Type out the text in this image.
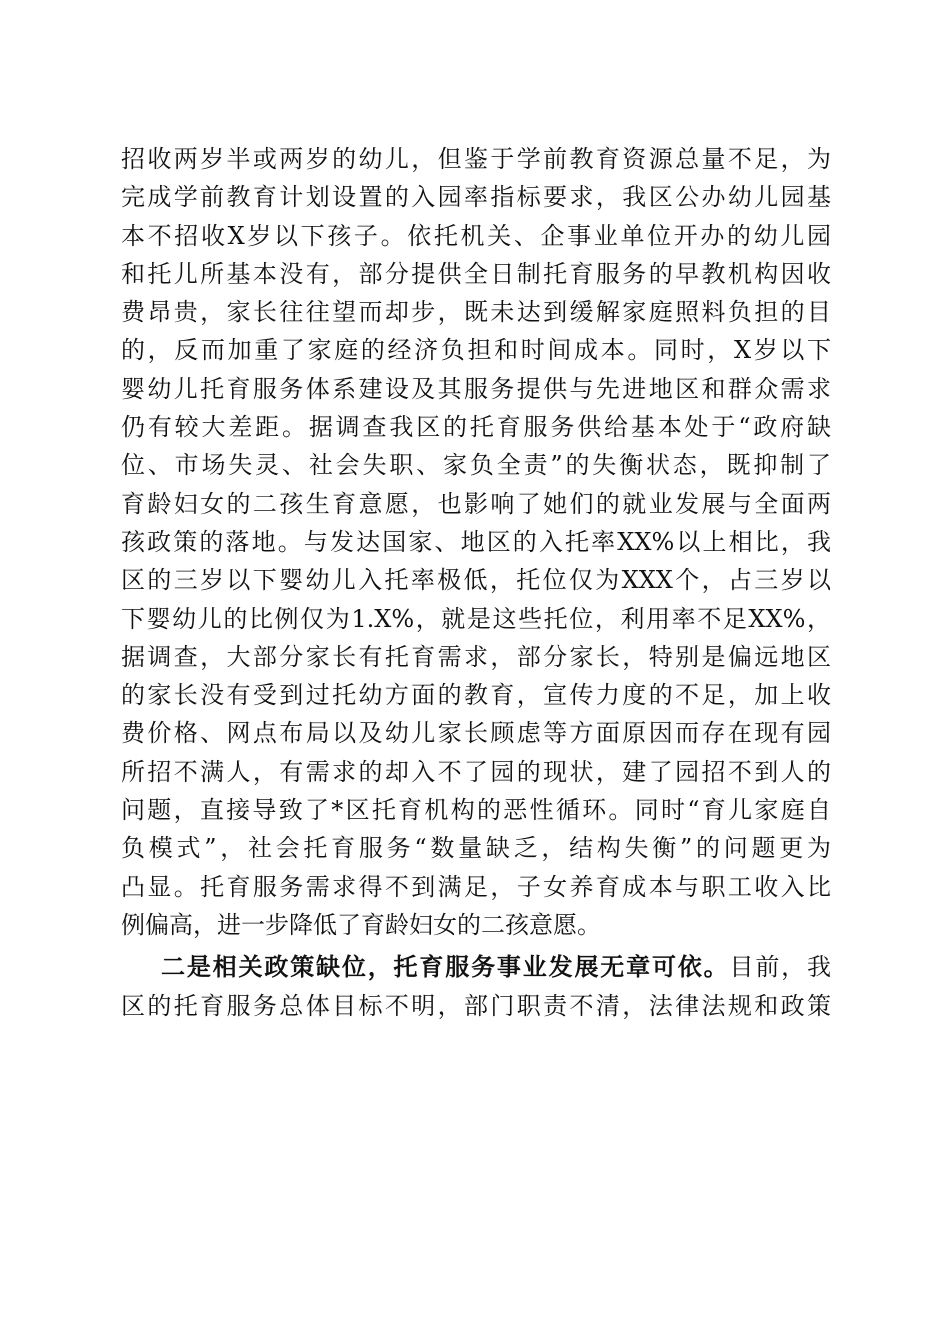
招收两岁半或两岁的幼儿，但鉴于学前教育资源总量不足，为
完成学前教育计划设置的入园率指标要求，我区公办幼儿园基
本不招收X岁以下孩子。依托机关、企事业单位开办的幼儿园
和托儿所基本没有，部分提供全日制托育服务的早教机构因收
费昂贵，家长往往望而却步，既未达到缓解家庭照料负担的目
的，反而加重了家庭的经济负担和时间成本。同时，X岁以下
婴幼儿托育服务体系建设及其服务提供与先进地区和群众需求
仍有较大差距。据调查我区的托育服务供给基本处于“政府缺
位、市场失灵、社会失职、家负全责”的失衡状态，既抑制了
育龄妇女的二孩生育意愿，也影响了她们的就业发展与全面两
孩政策的落地。与发达国家、地区的入托率XX%以上相比，我
区的三岁以下婴幼儿入托率极低，托位仅为XXX个，占三岁以
下婴幼儿的比例仅为1.X%，就是这些托位，利用率不足XX%，
据调查，大部分家长有托育需求，部分家长，特别是偏远地区
的家长没有受到过托幼方面的教育，宣传力度的不足，加上收
费价格、网点布局以及幼儿家长顾虑等方面原因而存在现有园
所招不满人，有需求的却入不了园的现状，建了园招不到人的
问题，直接导致了*区托育机构的恶性循环。同时“育儿家庭自
负模式”，社会托育服务“数量缺乏，结构失衡”的问题更为
凸显。托育服务需求得不到满足，子女养育成本与职工收入比
例偏高，进一步降低了育龄妇女的二孩意愿。
二是相关政策缺位，托育服务事业发展无章可依。目前，我
区的托育服务总体目标不明，部门职责不清，法律法规和政策
